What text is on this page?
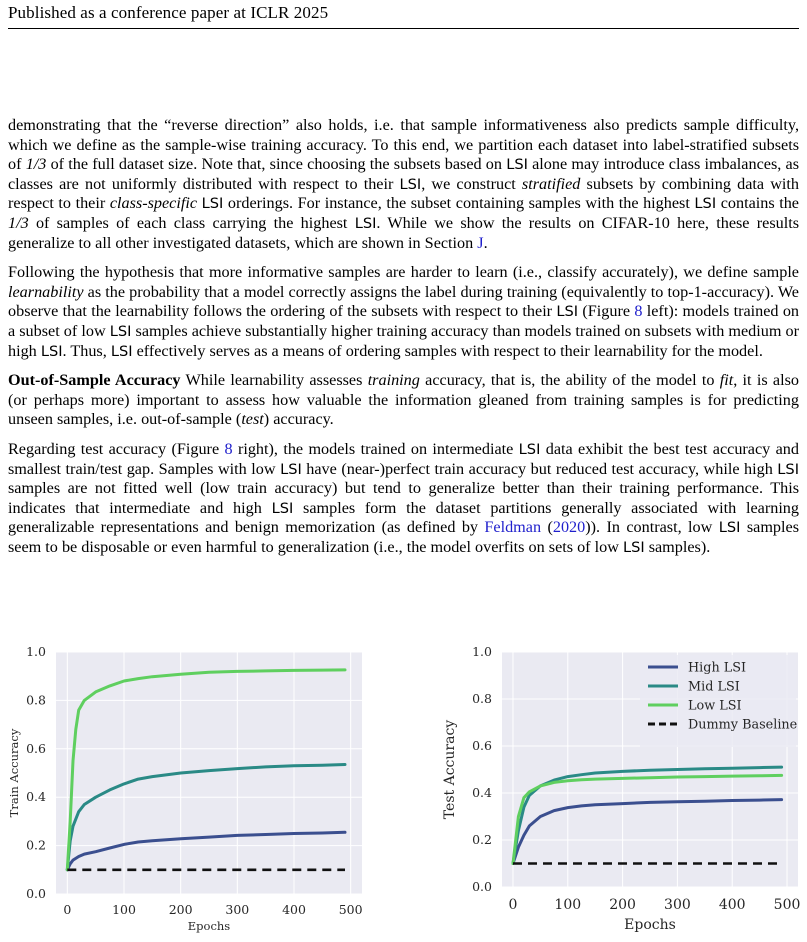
Published as a conference paper at ICLR 2025

demonstrating that the “reverse direction” also holds, i.e. that sample informativeness also predicts sample difficulty, which we define as the sample-wise training accuracy. To this end, we partition each dataset into label-stratified subsets of 1/3 of the full dataset size. Note that, since choosing the subsets based on LSI alone may introduce class imbalances, as classes are not uniformly distributed with respect to their LSI, we construct stratified subsets by combining data with respect to their class-specific LSI orderings. For instance, the subset containing samples with the highest LSI contains the 1/3 of samples of each class carrying the highest LSI. While we show the results on CIFAR-10 here, these results generalize to all other investigated datasets, which are shown in Section J.

Following the hypothesis that more informative samples are harder to learn (i.e., classify accurately), we define sample learnability as the probability that a model correctly assigns the label during training (equivalently to top-1-accuracy). We observe that the learnability follows the ordering of the subsets with respect to their LSI (Figure 8 left): models trained on a subset of low LSI samples achieve substantially higher training accuracy than models trained on subsets with medium or high LSI. Thus, LSI effectively serves as a means of ordering samples with respect to their learnability for the model.

Out-of-Sample Accuracy While learnability assesses training accuracy, that is, the ability of the model to fit, it is also (or perhaps more) important to assess how valuable the information gleaned from training samples is for predicting unseen samples, i.e. out-of-sample (test) accuracy.

Regarding test accuracy (Figure 8 right), the models trained on intermediate LSI data exhibit the best test accuracy and smallest train/test gap. Samples with low LSI have (near-)perfect train accuracy but reduced test accuracy, while high LSI samples are not fitted well (low train accuracy) but tend to generalize better than their training performance. This indicates that intermediate and high LSI samples form the dataset partitions generally associated with learning generalizable representations and benign memorization (as defined by Feldman (2020)). In contrast, low LSI samples seem to be disposable or even harmful to generalization (i.e., the model overfits on sets of low LSI samples).

0.0
0.2
0.4
0.6
0.8
1.0
0	100	200	300	400	500
Epochs
Train Accuracy
0.0
0.2
0.4
0.6
0.8
1.0
0	100 200 300 400 500
Epochs
Test Accuracy
High LSI
Mid LSI
Low LSI
Dummy Baseline
